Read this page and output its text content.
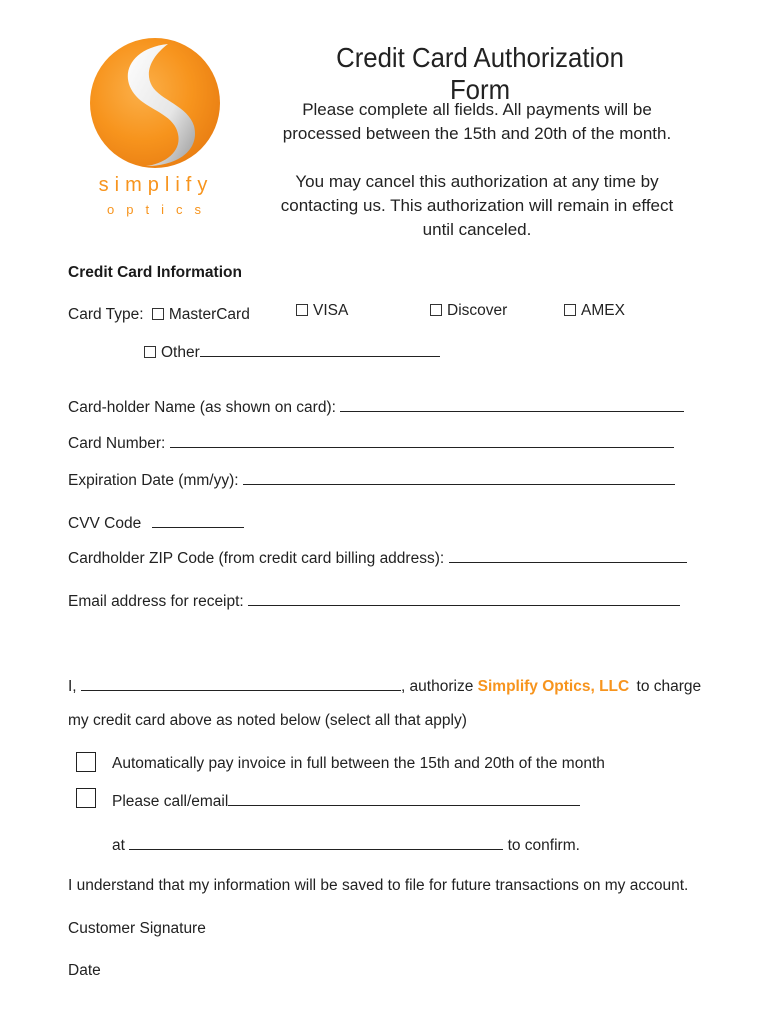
simplify
optics
Credit Card Authorization Form

Please complete all fields. All payments will be processed between the 15th and 20th of the month.

You may cancel this authorization at any time by contacting us. This authorization will remain in effect until canceled.

Credit Card Information
Card Type: MasterCard	VISA	Discover	AMEX
Other
Card-holder Name (as shown on card):
Card Number:
Expiration Date (mm/yy):
CVV Code
Cardholder ZIP Code (from credit card billing address):
Email address for receipt:
I,	, authorize Simplify Optics, LLC to charge
my credit card above as noted below (select all that apply)
Automatically pay invoice in full between the 15th and 20th of the month
Please call/email
at	to confirm.
I understand that my information will be saved to file for future transactions on my account.
Customer Signature
Date
